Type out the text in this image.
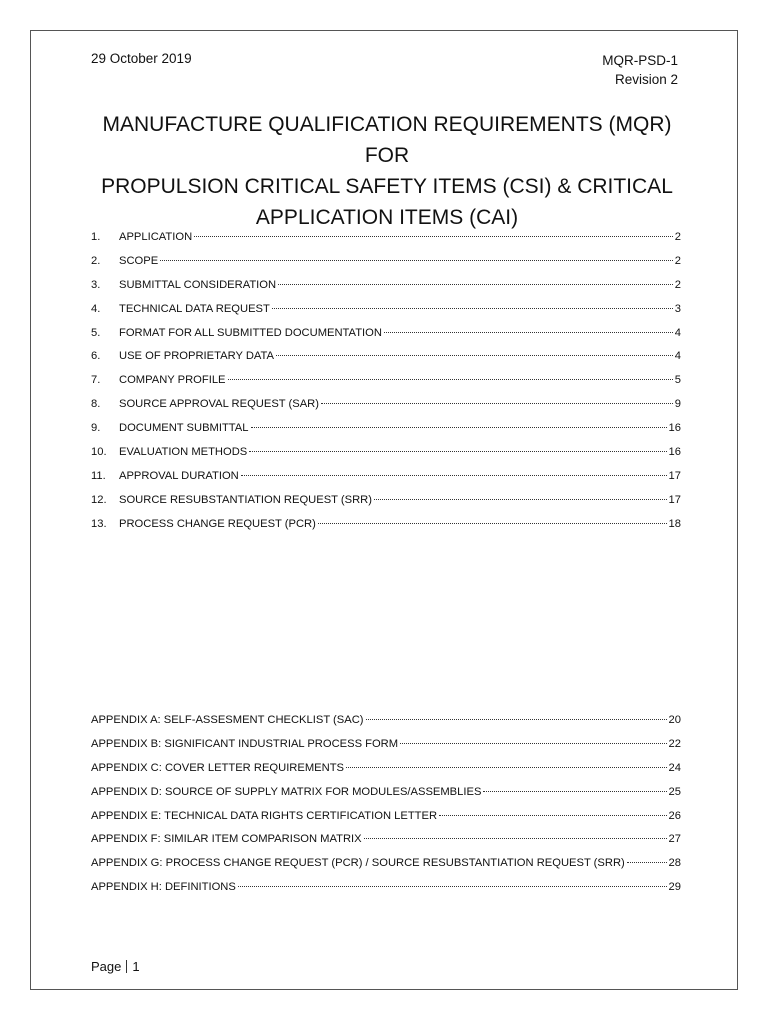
29 October 2019	MQR-PSD-1
Revision 2
MANUFACTURE QUALIFICATION REQUIREMENTS (MQR) FOR
PROPULSION CRITICAL SAFETY ITEMS (CSI) & CRITICAL
APPLICATION ITEMS (CAI)
1.	APPLICATION	2
2.	SCOPE	2
3.	SUBMITTAL CONSIDERATION	2
4.	TECHNICAL DATA REQUEST	3
5.	FORMAT FOR ALL SUBMITTED DOCUMENTATION	4
6.	USE OF PROPRIETARY DATA	4
7.	COMPANY PROFILE	5
8.	SOURCE APPROVAL REQUEST (SAR)	9
9.	DOCUMENT SUBMITTAL	16
10.	EVALUATION METHODS	16
11.	APPROVAL DURATION	17
12.	SOURCE RESUBSTANTIATION REQUEST (SRR)	17
13.	PROCESS CHANGE REQUEST (PCR)	18
APPENDIX A: SELF-ASSESMENT CHECKLIST (SAC)	20
APPENDIX B: SIGNIFICANT INDUSTRIAL PROCESS FORM	22
APPENDIX C: COVER LETTER REQUIREMENTS	24
APPENDIX D: SOURCE OF SUPPLY MATRIX FOR MODULES/ASSEMBLIES	25
APPENDIX E: TECHNICAL DATA RIGHTS CERTIFICATION LETTER	26
APPENDIX F: SIMILAR ITEM COMPARISON MATRIX	27
APPENDIX G: PROCESS CHANGE REQUEST (PCR) / SOURCE RESUBSTANTIATION REQUEST (SRR)	28
APPENDIX H: DEFINITIONS	29
Page 1
